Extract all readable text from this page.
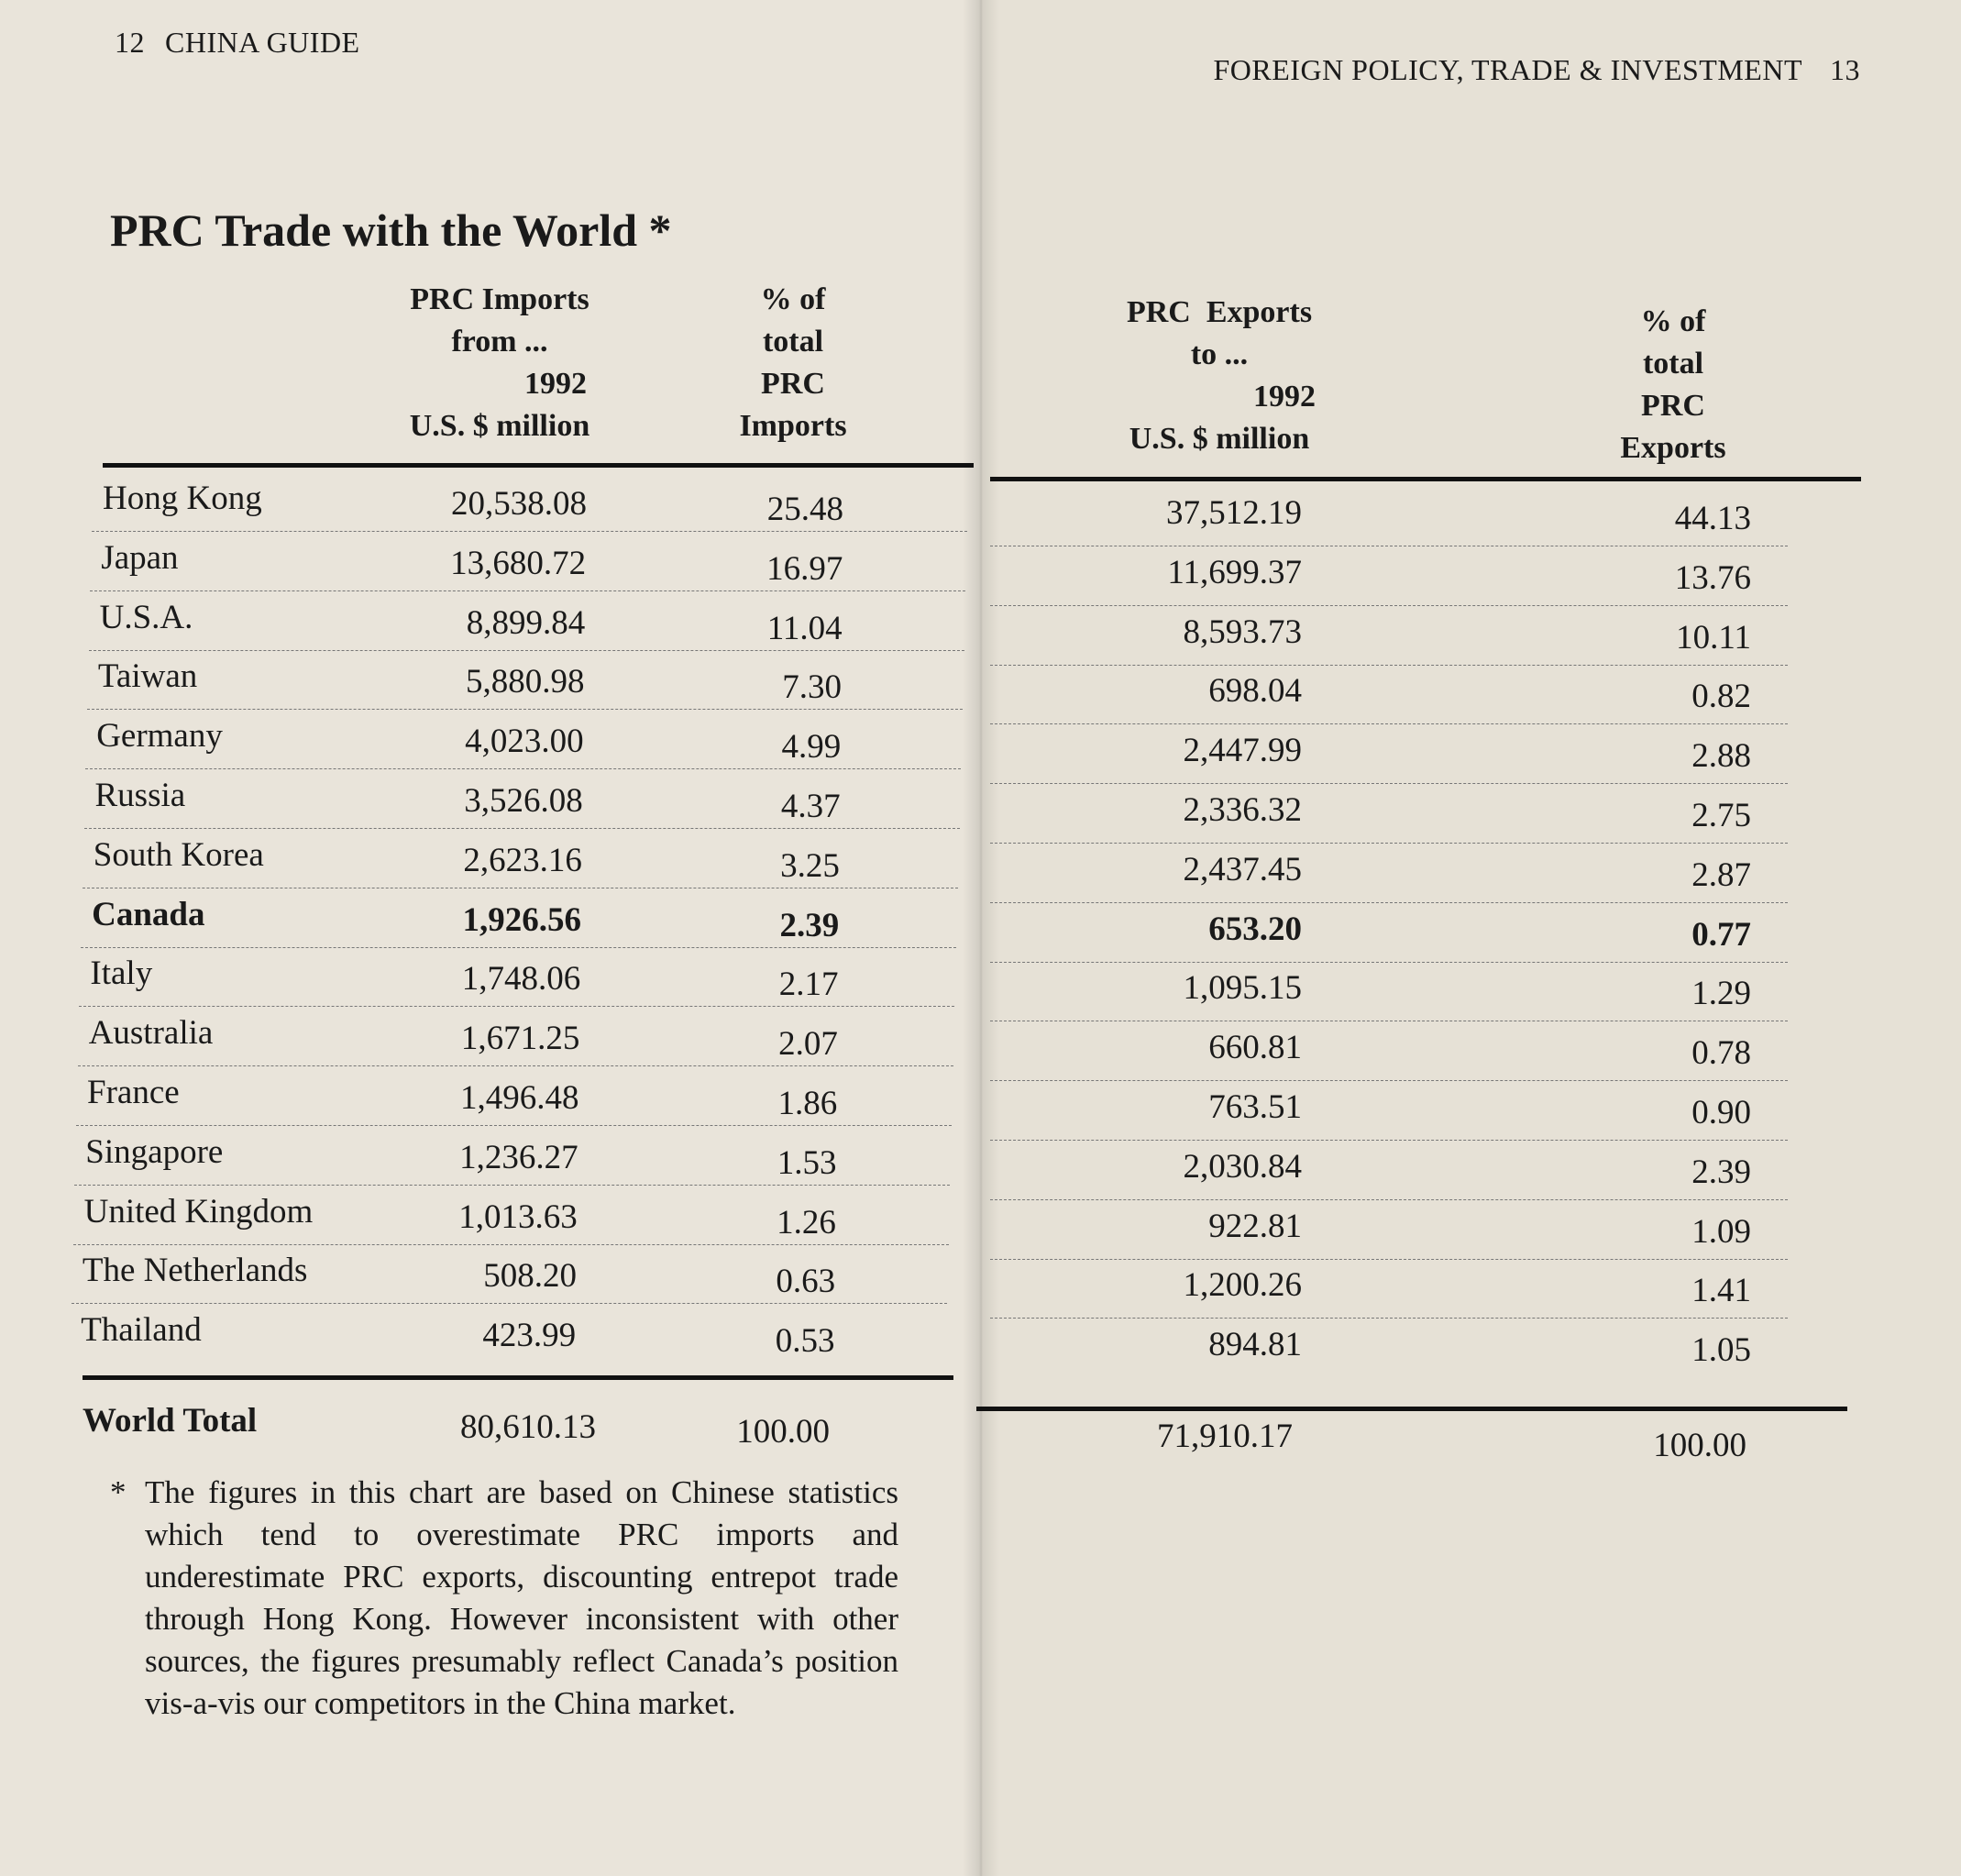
12 CHINA GUIDE
FOREIGN POLICY, TRADE & INVESTMENT 13
PRC Trade with the World *
PRC Imports
from ...
1992
U.S. $ million
% of
total
PRC
Imports
PRC  Exports
to ...
1992
U.S. $ million
% of
total
PRC
Exports
Hong Kong	20,538.08	25.48	37,512.19	44.13
Japan	13,680.72	16.97	11,699.37	13.76
U.S.A.	8,899.84	11.04	8,593.73	10.11
Taiwan	5,880.98	7.30	698.04	0.82
Germany	4,023.00	4.99	2,447.99	2.88
Russia	3,526.08	4.37	2,336.32	2.75
South Korea	2,623.16	3.25	2,437.45	2.87
Canada	1,926.56	2.39	653.20	0.77
Italy	1,748.06	2.17	1,095.15	1.29
Australia	1,671.25	2.07	660.81	0.78
France	1,496.48	1.86	763.51	0.90
Singapore	1,236.27	1.53	2,030.84	2.39
United Kingdom	1,013.63	1.26	922.81	1.09
The Netherlands	508.20	0.63	1,200.26	1.41
Thailand	423.99	0.53	894.81	1.05
World Total	80,610.13	100.00	71,910.17	100.00
* The figures in this chart are based on Chinese statistics which tend to overestimate PRC imports and underestimate PRC exports, discounting entrepot trade through Hong Kong. However inconsistent with other sources, the figures presumably reflect Canada’s position vis-a-vis our competitors in the China market.
